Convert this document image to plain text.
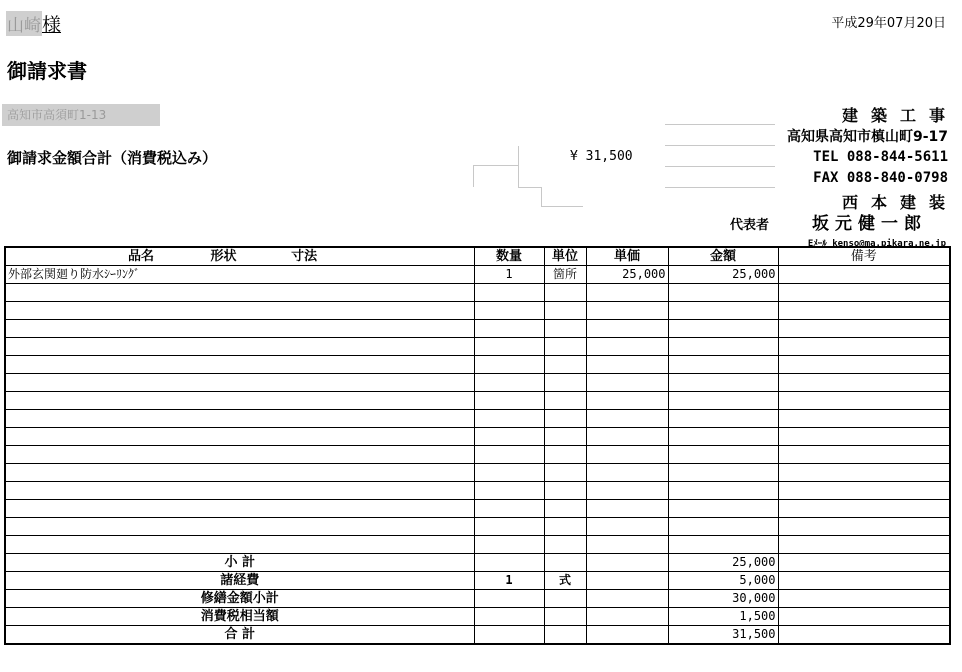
山崎様	平成29年07月20日
御請求書
高知市高須町1-13
御請求金額合計（消費税込み）	¥ 31,500
建築工事
高知県高知市槙山町9-17
TEL 088-844-5611
FAX 088-840-0798
西本建装
代表者	坂元健一郎
Eﾒｰﾙ kenso@ma.pikara.ne.jp
品名 形状 寸法	数量	単位	単価	金額	備考
外部玄関廻り防水ｼｰﾘﾝｸﾞ	1	箇所	25,000	25,000	

小 計				25,000	
諸経費	1	式		5,000	
修繕金額小計				30,000	
消費税相当額				1,500	
合 計				31,500	
